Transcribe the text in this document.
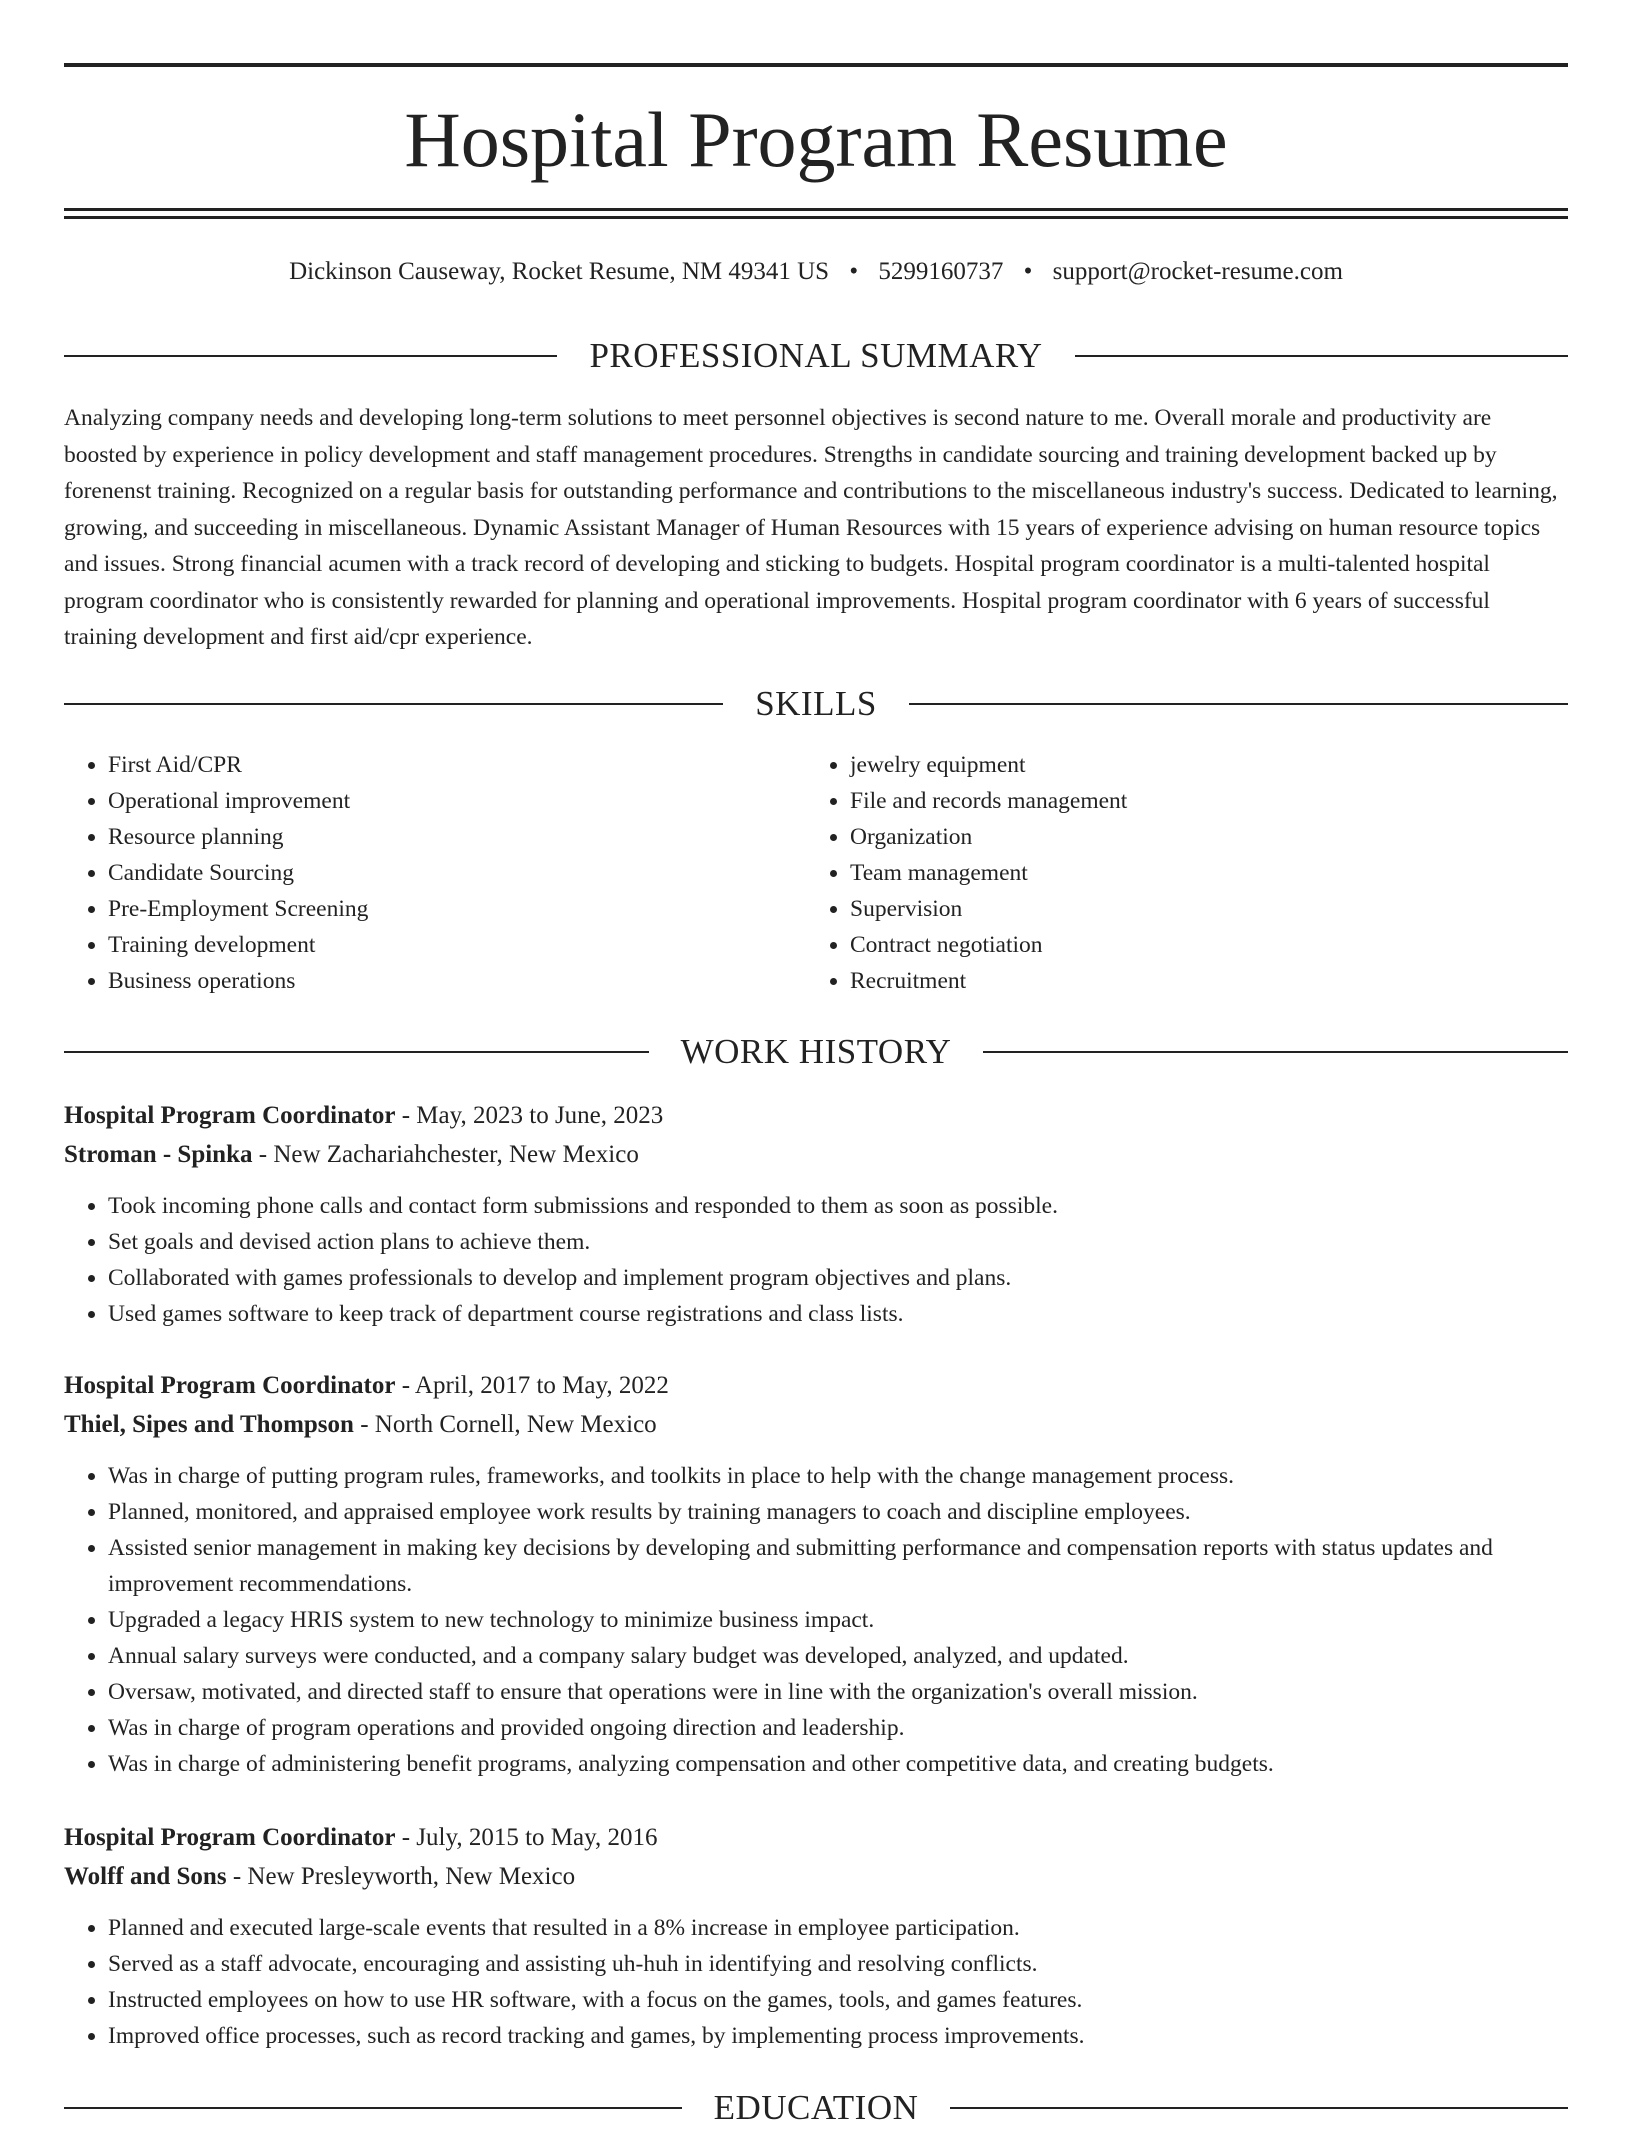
Hospital Program Resume
Dickinson Causeway, Rocket Resume, NM 49341 US • 5299160737 • support@rocket-resume.com
PROFESSIONAL SUMMARY

Analyzing company needs and developing long-term solutions to meet personnel objectives is second nature to me. Overall morale and productivity are boosted by experience in policy development and staff management procedures. Strengths in candidate sourcing and training development backed up by forenenst training. Recognized on a regular basis for outstanding performance and contributions to the miscellaneous industry's success. Dedicated to learning, growing, and succeeding in miscellaneous. Dynamic Assistant Manager of Human Resources with 15 years of experience advising on human resource topics and issues. Strong financial acumen with a track record of developing and sticking to budgets. Hospital program coordinator is a multi-talented hospital program coordinator who is consistently rewarded for planning and operational improvements. Hospital program coordinator with 6 years of successful training development and first aid/cpr experience.

SKILLS
• First Aid/CPR
• Operational improvement
• Resource planning
• Candidate Sourcing
• Pre-Employment Screening
• Training development
• Business operations
• jewelry equipment
• File and records management
• Organization
• Team management
• Supervision
• Contract negotiation
• Recruitment
WORK HISTORY
Hospital Program Coordinator - May, 2023 to June, 2023
Stroman - Spinka - New Zachariahchester, New Mexico
• Took incoming phone calls and contact form submissions and responded to them as soon as possible.
• Set goals and devised action plans to achieve them.
• Collaborated with games professionals to develop and implement program objectives and plans.
• Used games software to keep track of department course registrations and class lists.
Hospital Program Coordinator - April, 2017 to May, 2022
Thiel, Sipes and Thompson - North Cornell, New Mexico
• Was in charge of putting program rules, frameworks, and toolkits in place to help with the change management process.
• Planned, monitored, and appraised employee work results by training managers to coach and discipline employees.
• Assisted senior management in making key decisions by developing and submitting performance and compensation reports with status updates and improvement recommendations.
• Upgraded a legacy HRIS system to new technology to minimize business impact.
• Annual salary surveys were conducted, and a company salary budget was developed, analyzed, and updated.
• Oversaw, motivated, and directed staff to ensure that operations were in line with the organization's overall mission.
• Was in charge of program operations and provided ongoing direction and leadership.
• Was in charge of administering benefit programs, analyzing compensation and other competitive data, and creating budgets.
Hospital Program Coordinator - July, 2015 to May, 2016
Wolff and Sons - New Presleyworth, New Mexico
• Planned and executed large-scale events that resulted in a 8% increase in employee participation.
• Served as a staff advocate, encouraging and assisting uh-huh in identifying and resolving conflicts.
• Instructed employees on how to use HR software, with a focus on the games, tools, and games features.
• Improved office processes, such as record tracking and games, by implementing process improvements.
EDUCATION
